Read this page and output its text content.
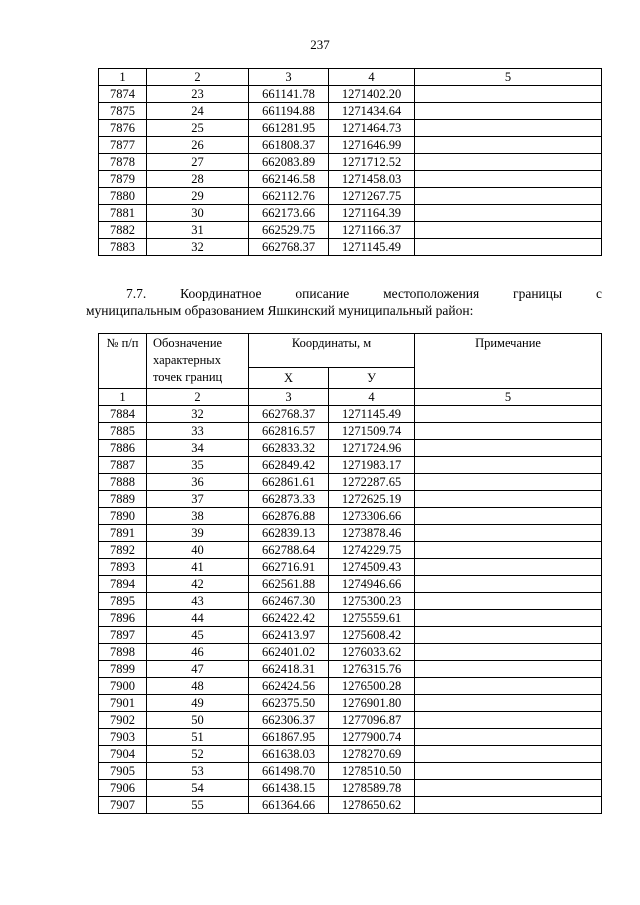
237
1	2	3	4	5
7874	23	661141.78	1271402.20	
7875	24	661194.88	1271434.64	
7876	25	661281.95	1271464.73	
7877	26	661808.37	1271646.99	
7878	27	662083.89	1271712.52	
7879	28	662146.58	1271458.03	
7880	29	662112.76	1271267.75	
7881	30	662173.66	1271164.39	
7882	31	662529.75	1271166.37	
7883	32	662768.37	1271145.49	
7.7.	Координатное	описание	местоположения	границы	с
муниципальным образованием Яшкинский муниципальный район:
№ п/п	Обозначение характерных точек границ	Координаты, м		Примечание
		X	У	
1	2	3	4	5
7884	32	662768.37	1271145.49	
7885	33	662816.57	1271509.74	
7886	34	662833.32	1271724.96	
7887	35	662849.42	1271983.17	
7888	36	662861.61	1272287.65	
7889	37	662873.33	1272625.19	
7890	38	662876.88	1273306.66	
7891	39	662839.13	1273878.46	
7892	40	662788.64	1274229.75	
7893	41	662716.91	1274509.43	
7894	42	662561.88	1274946.66	
7895	43	662467.30	1275300.23	
7896	44	662422.42	1275559.61	
7897	45	662413.97	1275608.42	
7898	46	662401.02	1276033.62	
7899	47	662418.31	1276315.76	
7900	48	662424.56	1276500.28	
7901	49	662375.50	1276901.80	
7902	50	662306.37	1277096.87	
7903	51	661867.95	1277900.74	
7904	52	661638.03	1278270.69	
7905	53	661498.70	1278510.50	
7906	54	661438.15	1278589.78	
7907	55	661364.66	1278650.62	
